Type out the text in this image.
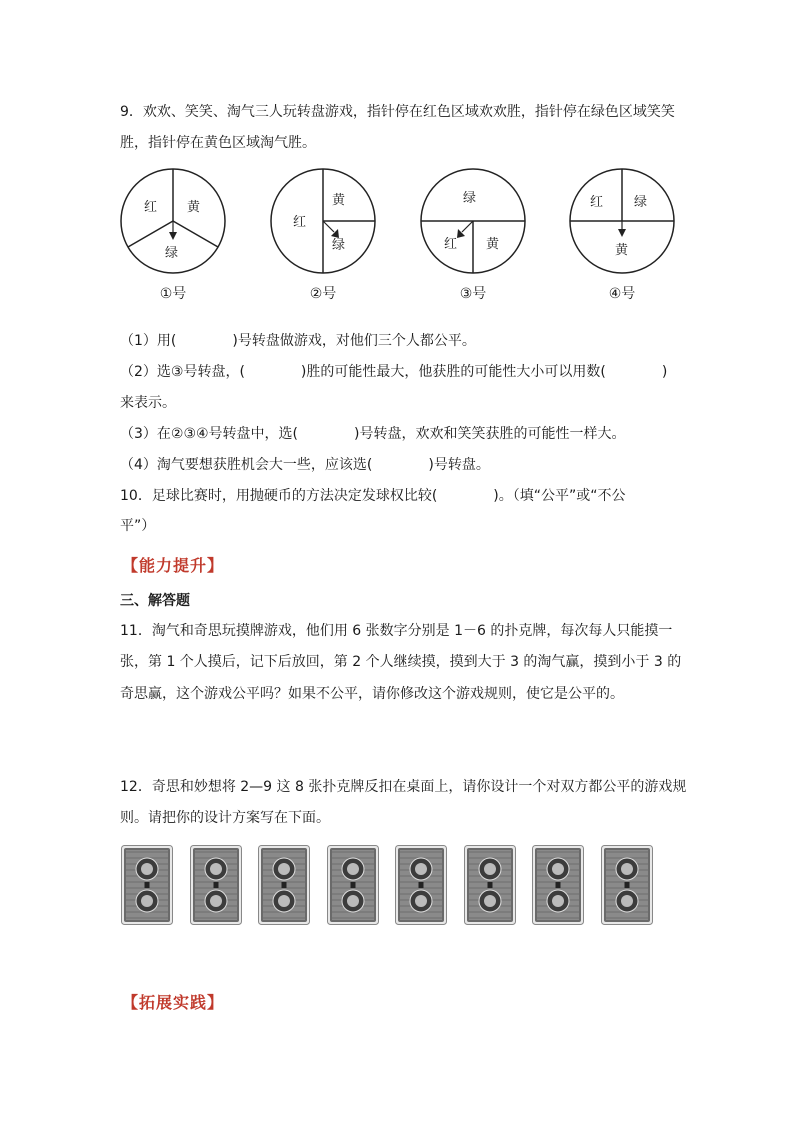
9．欢欢、笑笑、淘气三人玩转盘游戏，指针停在红色区域欢欢胜，指针停在绿色区域笑笑
胜，指针停在黄色区域淘气胜。
红 黄
绿
①号
红
黄
绿
②号
绿
红 黄
③号
红 绿
黄
④号
（1）用(　　　　)号转盘做游戏，对他们三个人都公平。
（2）选③号转盘，(　　　　)胜的可能性最大，他获胜的可能性大小可以用数(　　　　)
来表示。
（3）在②③④号转盘中，选(　　　　)号转盘，欢欢和笑笑获胜的可能性一样大。
（4）淘气要想获胜机会大一些，应该选(　　　　)号转盘。
10．足球比赛时，用抛硬币的方法决定发球权比较(　　　　)。（填“公平”或“不公
平”）
【能力提升】
三、解答题
11．淘气和奇思玩摸牌游戏，他们用 6 张数字分别是 1－6 的扑克牌，每次每人只能摸一
张，第 1 个人摸后，记下后放回，第 2 个人继续摸，摸到大于 3 的淘气赢，摸到小于 3 的
奇思赢，这个游戏公平吗？如果不公平，请你修改这个游戏规则，使它是公平的。
12．奇思和妙想将 2—9 这 8 张扑克牌反扣在桌面上，请你设计一个对双方都公平的游戏规
则。请把你的设计方案写在下面。
【拓展实践】
